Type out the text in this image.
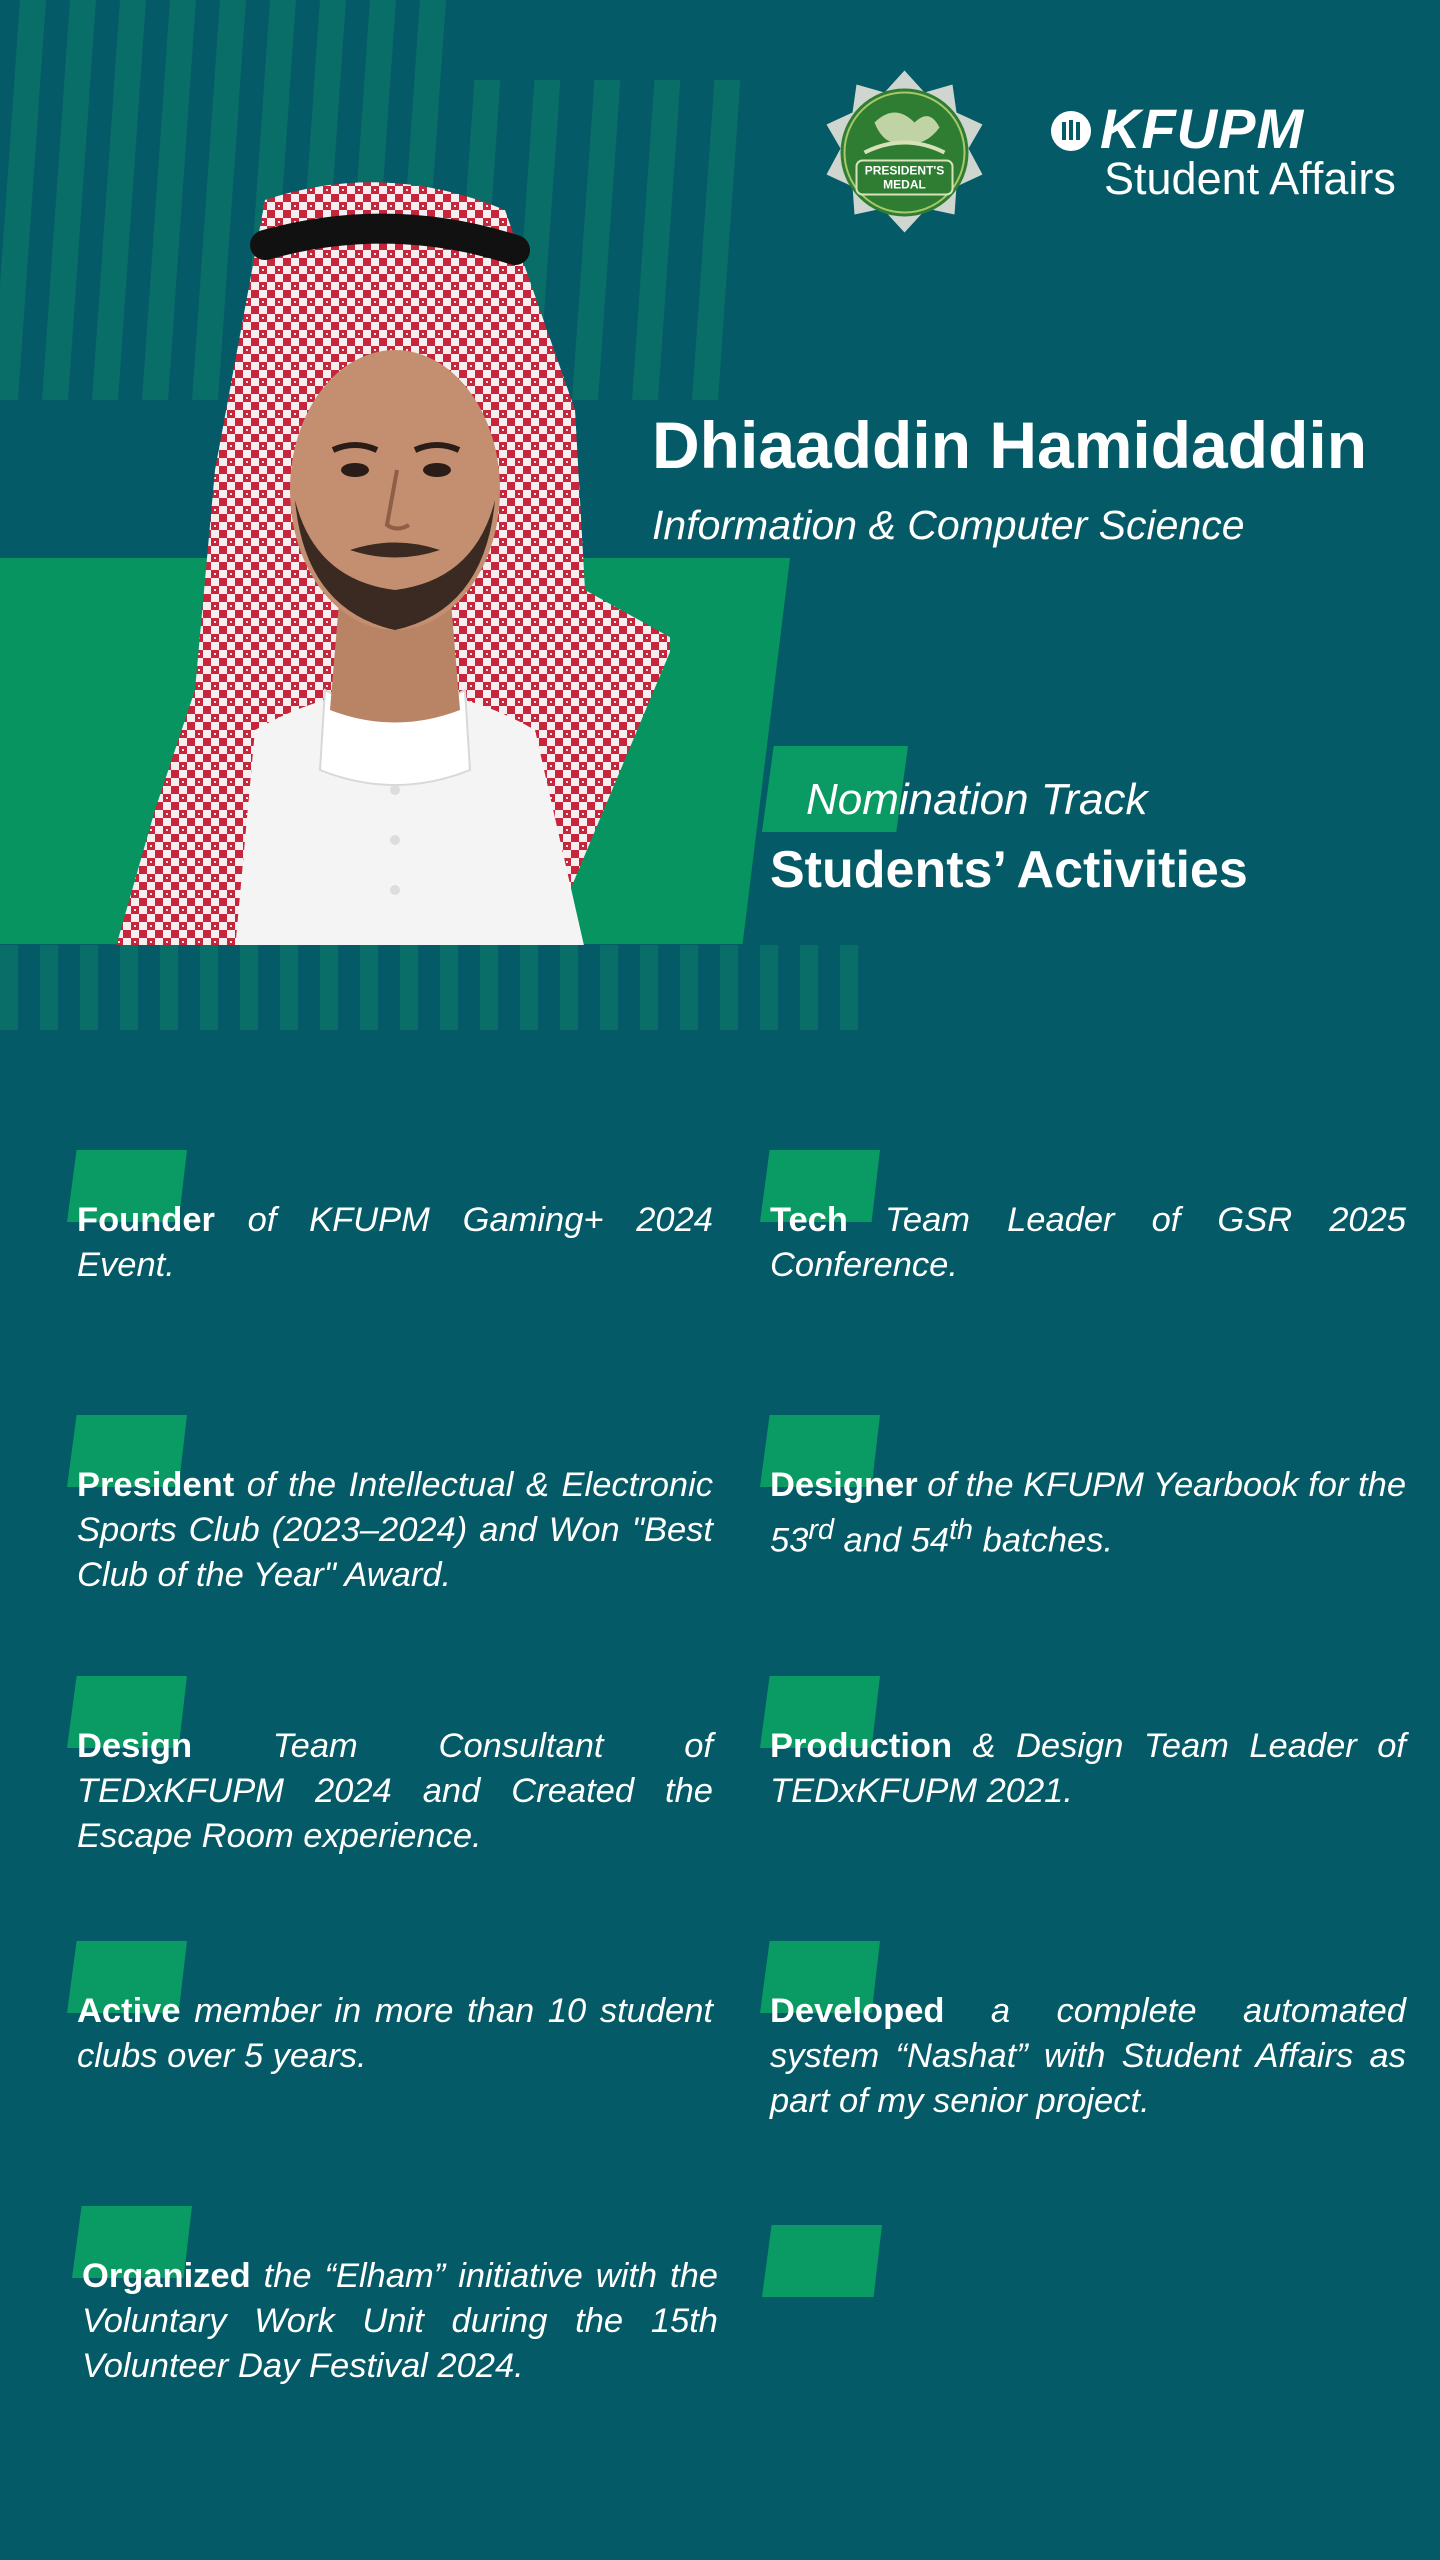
PRESIDENT'S
MEDAL
KFUPM
Student Affairs
Dhiaaddin Hamidaddin
Information & Computer Science
Nomination Track
Students’ Activities
Founder of KFUPM Gaming+ 2024 Event.
Tech Team Leader of GSR 2025 Conference.
President of the Intellectual & Electronic Sports Club (2023–2024) and Won "Best Club of the Year" Award.
Designer of the KFUPM Yearbook for the 53rd and 54th batches.
Design Team Consultant of TEDxKFUPM 2024 and Created the Escape Room experience.
Production & Design Team Leader of TEDxKFUPM 2021.
Active member in more than 10 student clubs over 5 years.
Developed a complete automated system “Nashat” with Student Affairs as part of my senior project.
Organized the “Elham” initiative with the Voluntary Work Unit during the 15th Volunteer Day Festival 2024.
